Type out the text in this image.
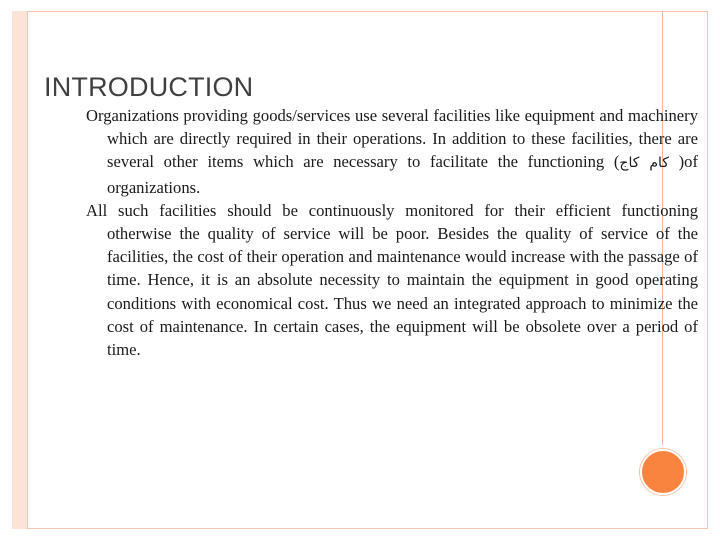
INTRODUCTION

Organizations providing goods/services use several facilities like equipment and machinery which are directly required in their operations. In addition to these facilities, there are several other items which are necessary to facilitate the functioning (ﻛﺎﻡ ﻛﺎﺝ )of organizations.

All such facilities should be continuously monitored for their efficient functioning otherwise the quality of service will be poor. Besides the quality of service of the facilities, the cost of their operation and maintenance would increase with the passage of time. Hence, it is an absolute necessity to maintain the equipment in good operating conditions with economical cost. Thus we need an integrated approach to minimize the cost of maintenance. In certain cases, the equipment will be obsolete over a period of time.
